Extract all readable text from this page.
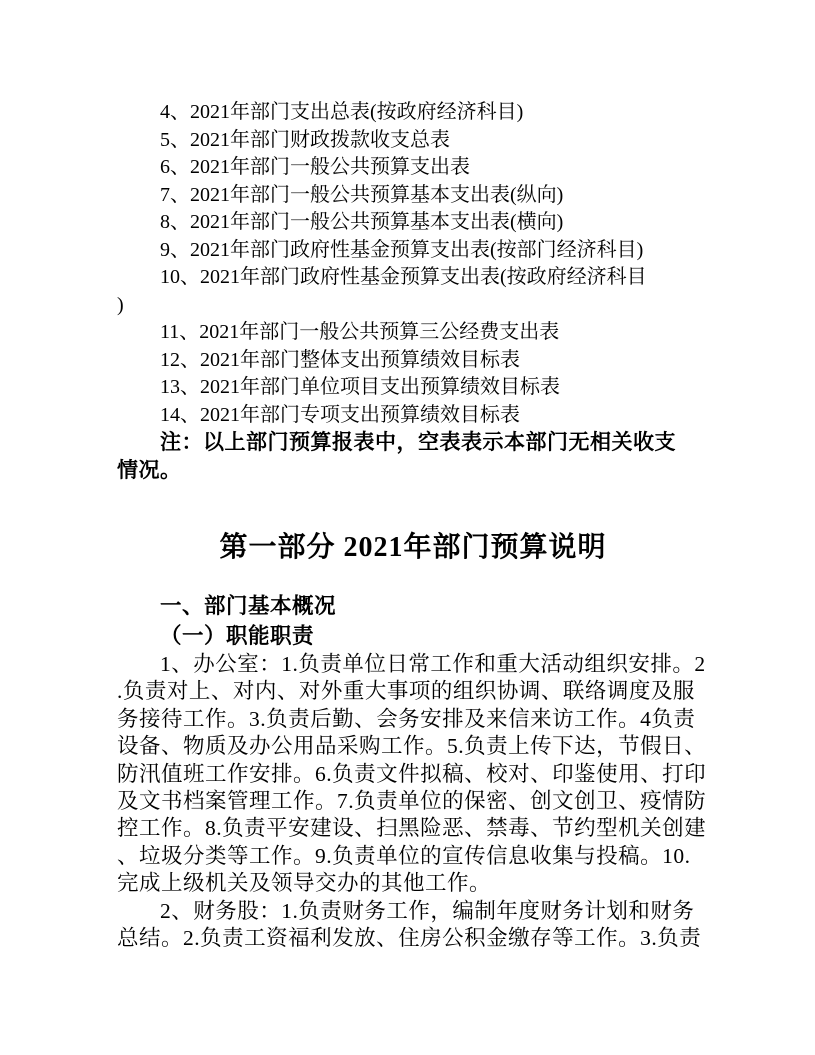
4、2021年部门支出总表(按政府经济科目)
5、2021年部门财政拨款收支总表
6、2021年部门一般公共预算支出表
7、2021年部门一般公共预算基本支出表(纵向)
8、2021年部门一般公共预算基本支出表(横向)
9、2021年部门政府性基金预算支出表(按部门经济科目)
10、2021年部门政府性基金预算支出表(按政府经济科目
)
11、2021年部门一般公共预算三公经费支出表
12、2021年部门整体支出预算绩效目标表
13、2021年部门单位项目支出预算绩效目标表
14、2021年部门专项支出预算绩效目标表
注：以上部门预算报表中，空表表示本部门无相关收支
情况。
第一部分 2021年部门预算说明
一、部门基本概况
（一）职能职责
1、办公室：1.负责单位日常工作和重大活动组织安排。2
.负责对上、对内、对外重大事项的组织协调、联络调度及服
务接待工作。3.负责后勤、会务安排及来信来访工作。4负责
设备、物质及办公用品采购工作。5.负责上传下达，节假日、
防汛值班工作安排。6.负责文件拟稿、校对、印鉴使用、打印
及文书档案管理工作。7.负责单位的保密、创文创卫、疫情防
控工作。8.负责平安建设、扫黑险恶、禁毒、节约型机关创建
、垃圾分类等工作。9.负责单位的宣传信息收集与投稿。10.
完成上级机关及领导交办的其他工作。
2、财务股：1.负责财务工作，编制年度财务计划和财务
总结。2.负责工资福利发放、住房公积金缴存等工作。3.负责
